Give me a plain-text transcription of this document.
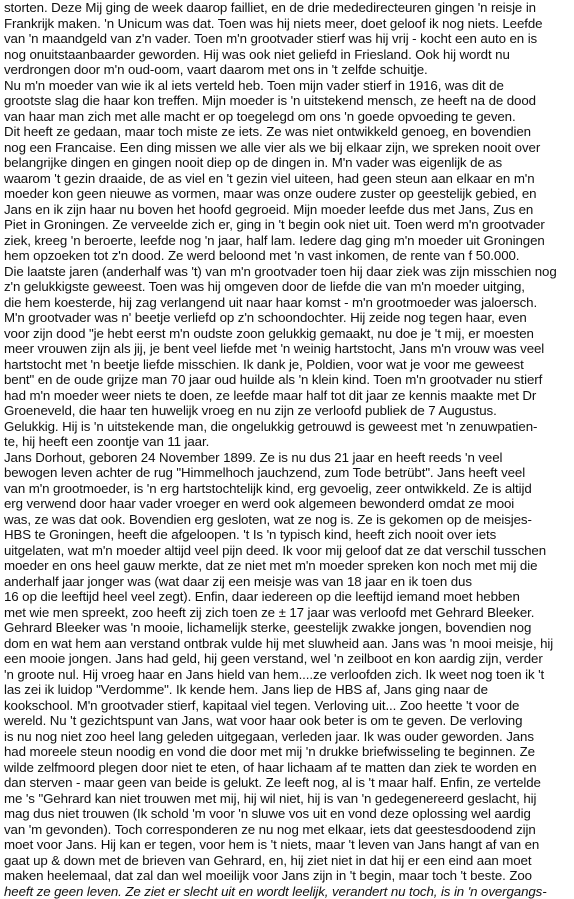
storten. Deze Mij ging de week daarop failliet, en de drie mededirecteuren gingen 'n reisje in
Frankrijk maken. 'n Unicum was dat. Toen was hij niets meer, doet geloof ik nog niets. Leefde
van 'n maandgeld van z'n vader. Toen m'n grootvader stierf was hij vrij - kocht een auto en is
nog onuitstaanbaarder geworden. Hij was ook niet geliefd in Friesland. Ook hij wordt nu
verdrongen door m'n oud-oom, vaart daarom met ons in 't zelfde schuitje.
Nu m'n moeder van wie ik al iets verteld heb. Toen mijn vader stierf in 1916, was dit de
grootste slag die haar kon treffen. Mijn moeder is 'n uitstekend mensch, ze heeft na de dood
van haar man zich met alle macht er op toegelegd om ons 'n goede opvoeding te geven.
Dit heeft ze gedaan, maar toch miste ze iets. Ze was niet ontwikkeld genoeg, en bovendien
nog een Francaise. Een ding missen we alle vier als we bij elkaar zijn, we spreken nooit over
belangrijke dingen en gingen nooit diep op de dingen in. M'n vader was eigenlijk de as
waarom 't gezin draaide, de as viel en 't gezin viel uiteen, had geen steun aan elkaar en m'n
moeder kon geen nieuwe as vormen, maar was onze oudere zuster op geestelijk gebied, en
Jans en ik zijn haar nu boven het hoofd gegroeid. Mijn moeder leefde dus met Jans, Zus en
Piet in Groningen. Ze verveelde zich er, ging in 't begin ook niet uit. Toen werd m'n grootvader
ziek, kreeg 'n beroerte, leefde nog 'n jaar, half lam. Iedere dag ging m'n moeder uit Groningen
hem opzoeken tot z'n dood. Ze werd beloond met 'n vast inkomen, de rente van f 50.000.
Die laatste jaren (anderhalf was 't) van m'n grootvader toen hij daar ziek was zijn misschien nog
z'n gelukkigste geweest. Toen was hij omgeven door de liefde die van m'n moeder uitging,
die hem koesterde, hij zag verlangend uit naar haar komst - m'n grootmoeder was jaloersch.
M'n grootvader was n' beetje verliefd op z'n schoondochter. Hij zeide nog tegen haar, even
voor zijn dood "je hebt eerst m'n oudste zoon gelukkig gemaakt, nu doe je 't mij, er moesten
meer vrouwen zijn als jij, je bent veel liefde met 'n weinig hartstocht, Jans m'n vrouw was veel
hartstocht met 'n beetje liefde misschien. Ik dank je, Poldien, voor wat je voor me geweest
bent" en de oude grijze man 70 jaar oud huilde als 'n klein kind. Toen m'n grootvader nu stierf
had m'n moeder weer niets te doen, ze leefde maar half tot dit jaar ze kennis maakte met Dr
Groeneveld, die haar ten huwelijk vroeg en nu zijn ze verloofd publiek de 7 Augustus.
Gelukkig. Hij is 'n uitstekende man, die ongelukkig getrouwd is geweest met 'n zenuwpatien-
te, hij heeft een zoontje van 11 jaar.
Jans Dorhout, geboren 24 November 1899. Ze is nu dus 21 jaar en heeft reeds 'n veel
bewogen leven achter de rug "Himmelhoch jauchzend, zum Tode betrübt". Jans heeft veel
van m'n grootmoeder, is 'n erg hartstochtelijk kind, erg gevoelig, zeer ontwikkeld. Ze is altijd
erg verwend door haar vader vroeger en werd ook algemeen bewonderd omdat ze mooi
was, ze was dat ook. Bovendien erg gesloten, wat ze nog is. Ze is gekomen op de meisjes-
HBS te Groningen, heeft die afgeloopen. 't Is 'n typisch kind, heeft zich nooit over iets
uitgelaten, wat m'n moeder altijd veel pijn deed. Ik voor mij geloof dat ze dat verschil tusschen
moeder en ons heel gauw merkte, dat ze niet met m'n moeder spreken kon noch met mij die
anderhalf jaar jonger was (wat daar zij een meisje was van 18 jaar en ik toen dus
16 op die leeftijd heel veel zegt). Enfin, daar iedereen op die leeftijd iemand moet hebben
met wie men spreekt, zoo heeft zij zich toen ze ± 17 jaar was verloofd met Gehrard Bleeker.
Gehrard Bleeker was 'n mooie, lichamelijk sterke, geestelijk zwakke jongen, bovendien nog
dom en wat hem aan verstand ontbrak vulde hij met sluwheid aan. Jans was 'n mooi meisje, hij
een mooie jongen. Jans had geld, hij geen verstand, wel 'n zeilboot en kon aardig zijn, verder
'n groote nul. Hij vroeg haar en Jans hield van hem....ze verloofden zich. Ik weet nog toen ik 't
las zei ik luidop "Verdomme". Ik kende hem. Jans liep de HBS af, Jans ging naar de
kookschool. M'n grootvader stierf, kapitaal viel tegen. Verloving uit... Zoo heette 't voor de
wereld. Nu 't gezichtspunt van Jans, wat voor haar ook beter is om te geven. De verloving
is nu nog niet zoo heel lang geleden uitgegaan, verleden jaar. Ik was ouder geworden. Jans
had moreele steun noodig en vond die door met mij 'n drukke briefwisseling te beginnen. Ze
wilde zelfmoord plegen door niet te eten, of haar lichaam af te matten dan ziek te worden en
dan sterven - maar geen van beide is gelukt. Ze leeft nog, al is 't maar half. Enfin, ze vertelde
me 's "Gehrard kan niet trouwen met mij, hij wil niet, hij is van 'n gedegenereerd geslacht, hij
mag dus niet trouwen (Ik schold 'm voor 'n sluwe vos uit en vond deze oplossing wel aardig
van 'm gevonden). Toch corresponderen ze nu nog met elkaar, iets dat geestesdoodend zijn
moet voor Jans. Hij kan er tegen, voor hem is 't niets, maar 't leven van Jans hangt af van en
gaat up & down met de brieven van Gehrard, en, hij ziet niet in dat hij er een eind aan moet
maken heelemaal, dat zal dan wel moeilijk voor Jans zijn in 't begin, maar toch 't beste. Zoo
heeft ze geen leven. Ze ziet er slecht uit en wordt leelijk, verandert nu toch, is in 'n overgangs-
